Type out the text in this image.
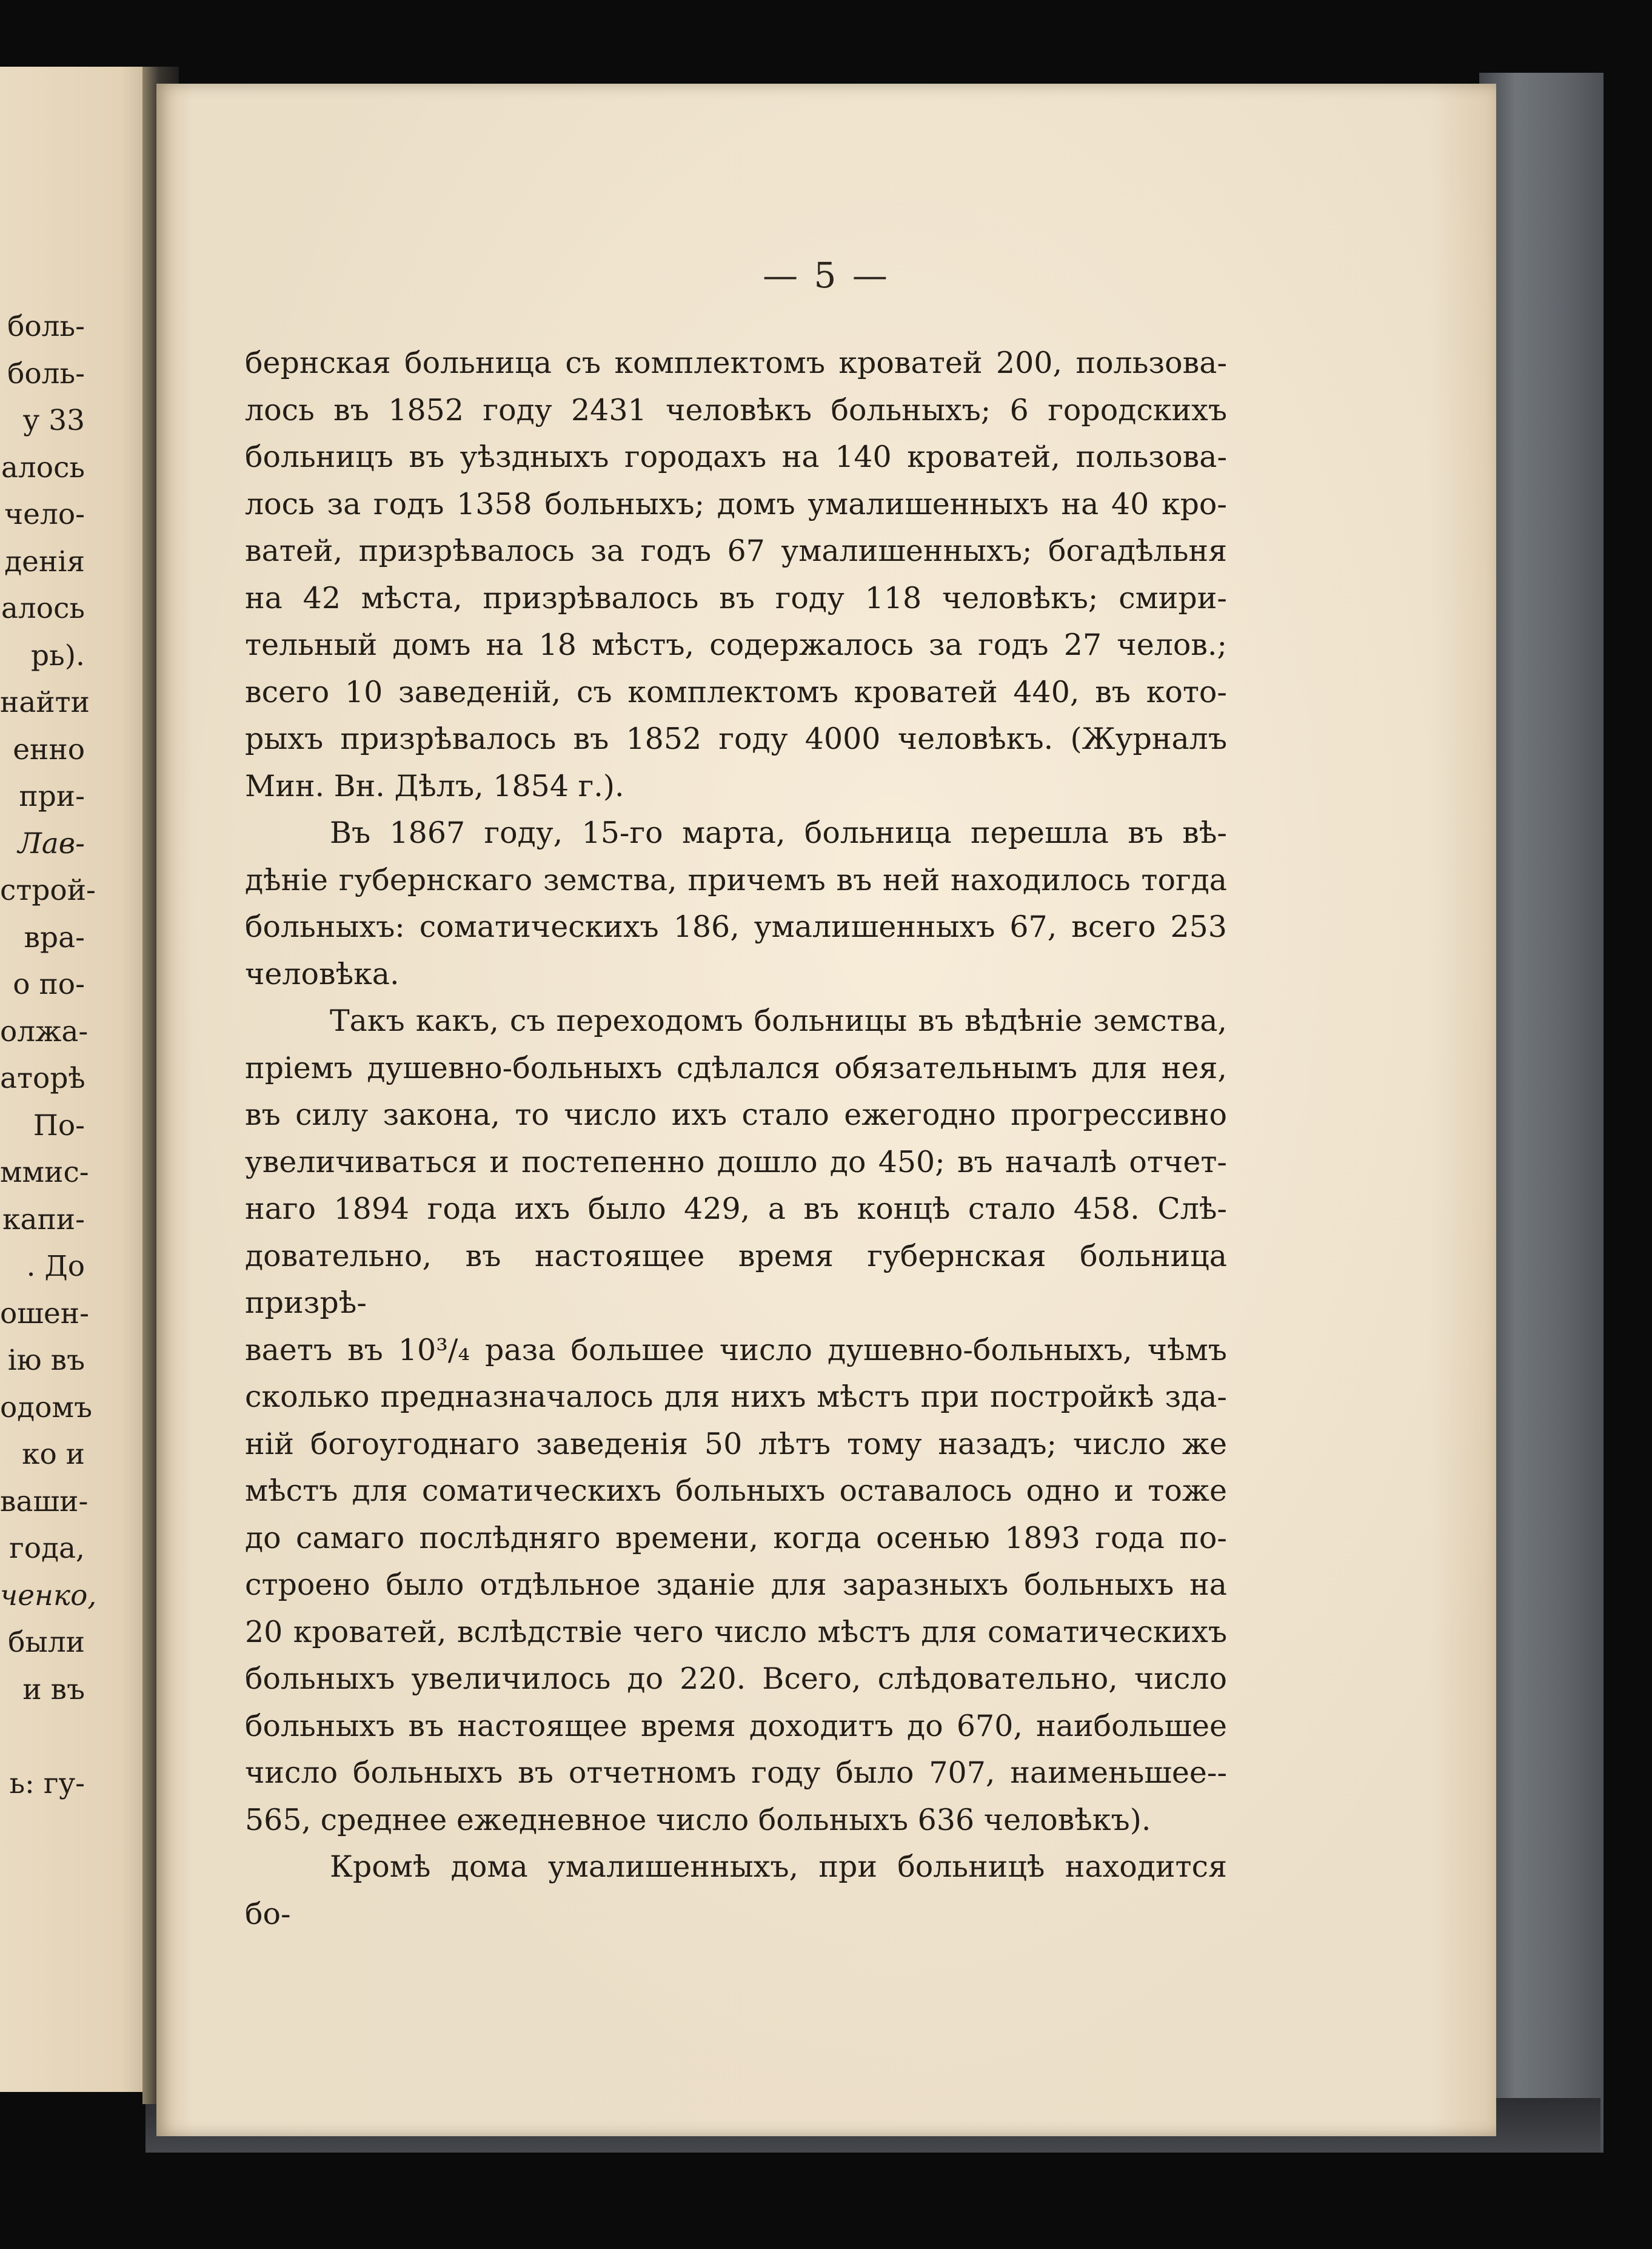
боль-
боль-
у 33
алось
чело-
денія
алось
рь).
найти
енно
при-
Лав-
строй-
вра-
о по-
олжа-
аторѣ
По-
ммис-
капи-
. До
ошен-
ію въ
одомъ
ко и
ваши-
года,
ченко,
были
и въ

ь: гу-
— 5 —

бернская больница съ комплектомъ кроватей 200, пользова-

лось въ 1852 году 2431 человѣкъ больныхъ; 6 городскихъ

больницъ въ уѣздныхъ городахъ на 140 кроватей, пользова-

лось за годъ 1358 больныхъ; домъ умалишенныхъ на 40 кро-

ватей, призрѣвалось за годъ 67 умалишенныхъ; богадѣльня

на 42 мѣста, призрѣвалось въ году 118 человѣкъ; смири-

тельный домъ на 18 мѣстъ, содержалось за годъ 27 челов.;

всего 10 заведеній, съ комплектомъ кроватей 440, въ кото-

рыхъ призрѣвалось въ 1852 году 4000 человѣкъ. (Журналъ

Мин. Вн. Дѣлъ, 1854 г.).

Въ 1867 году, 15-го марта, больница перешла въ вѣ-

дѣніе губернскаго земства, причемъ въ ней находилось тогда

больныхъ: соматическихъ 186, умалишенныхъ 67, всего 253

человѣка.

Такъ какъ, съ переходомъ больницы въ вѣдѣніе земства,

пріемъ душевно-больныхъ сдѣлался обязательнымъ для нея,

въ силу закона, то число ихъ стало ежегодно прогрессивно

увеличиваться и постепенно дошло до 450; въ началѣ отчет-

наго 1894 года ихъ было 429, а въ концѣ стало 458. Слѣ-

довательно, въ настоящее время губернская больница призрѣ-

ваетъ въ 10³/₄ раза большее число душевно-больныхъ, чѣмъ

сколько предназначалось для нихъ мѣстъ при постройкѣ зда-

ній богоугоднаго заведенія 50 лѣтъ тому назадъ; число же

мѣстъ для соматическихъ больныхъ оставалось одно и тоже

до самаго послѣдняго времени, когда осенью 1893 года по-

строено было отдѣльное зданіе для заразныхъ больныхъ на

20 кроватей, вслѣдствіе чего число мѣстъ для соматическихъ

больныхъ увеличилось до 220. Всего, слѣдовательно, число

больныхъ въ настоящее время доходитъ до 670, наибольшее

число больныхъ въ отчетномъ году было 707, наименьшее--

565, среднее ежедневное число больныхъ 636 человѣкъ).

Кромѣ дома умалишенныхъ, при больницѣ находится бо-
